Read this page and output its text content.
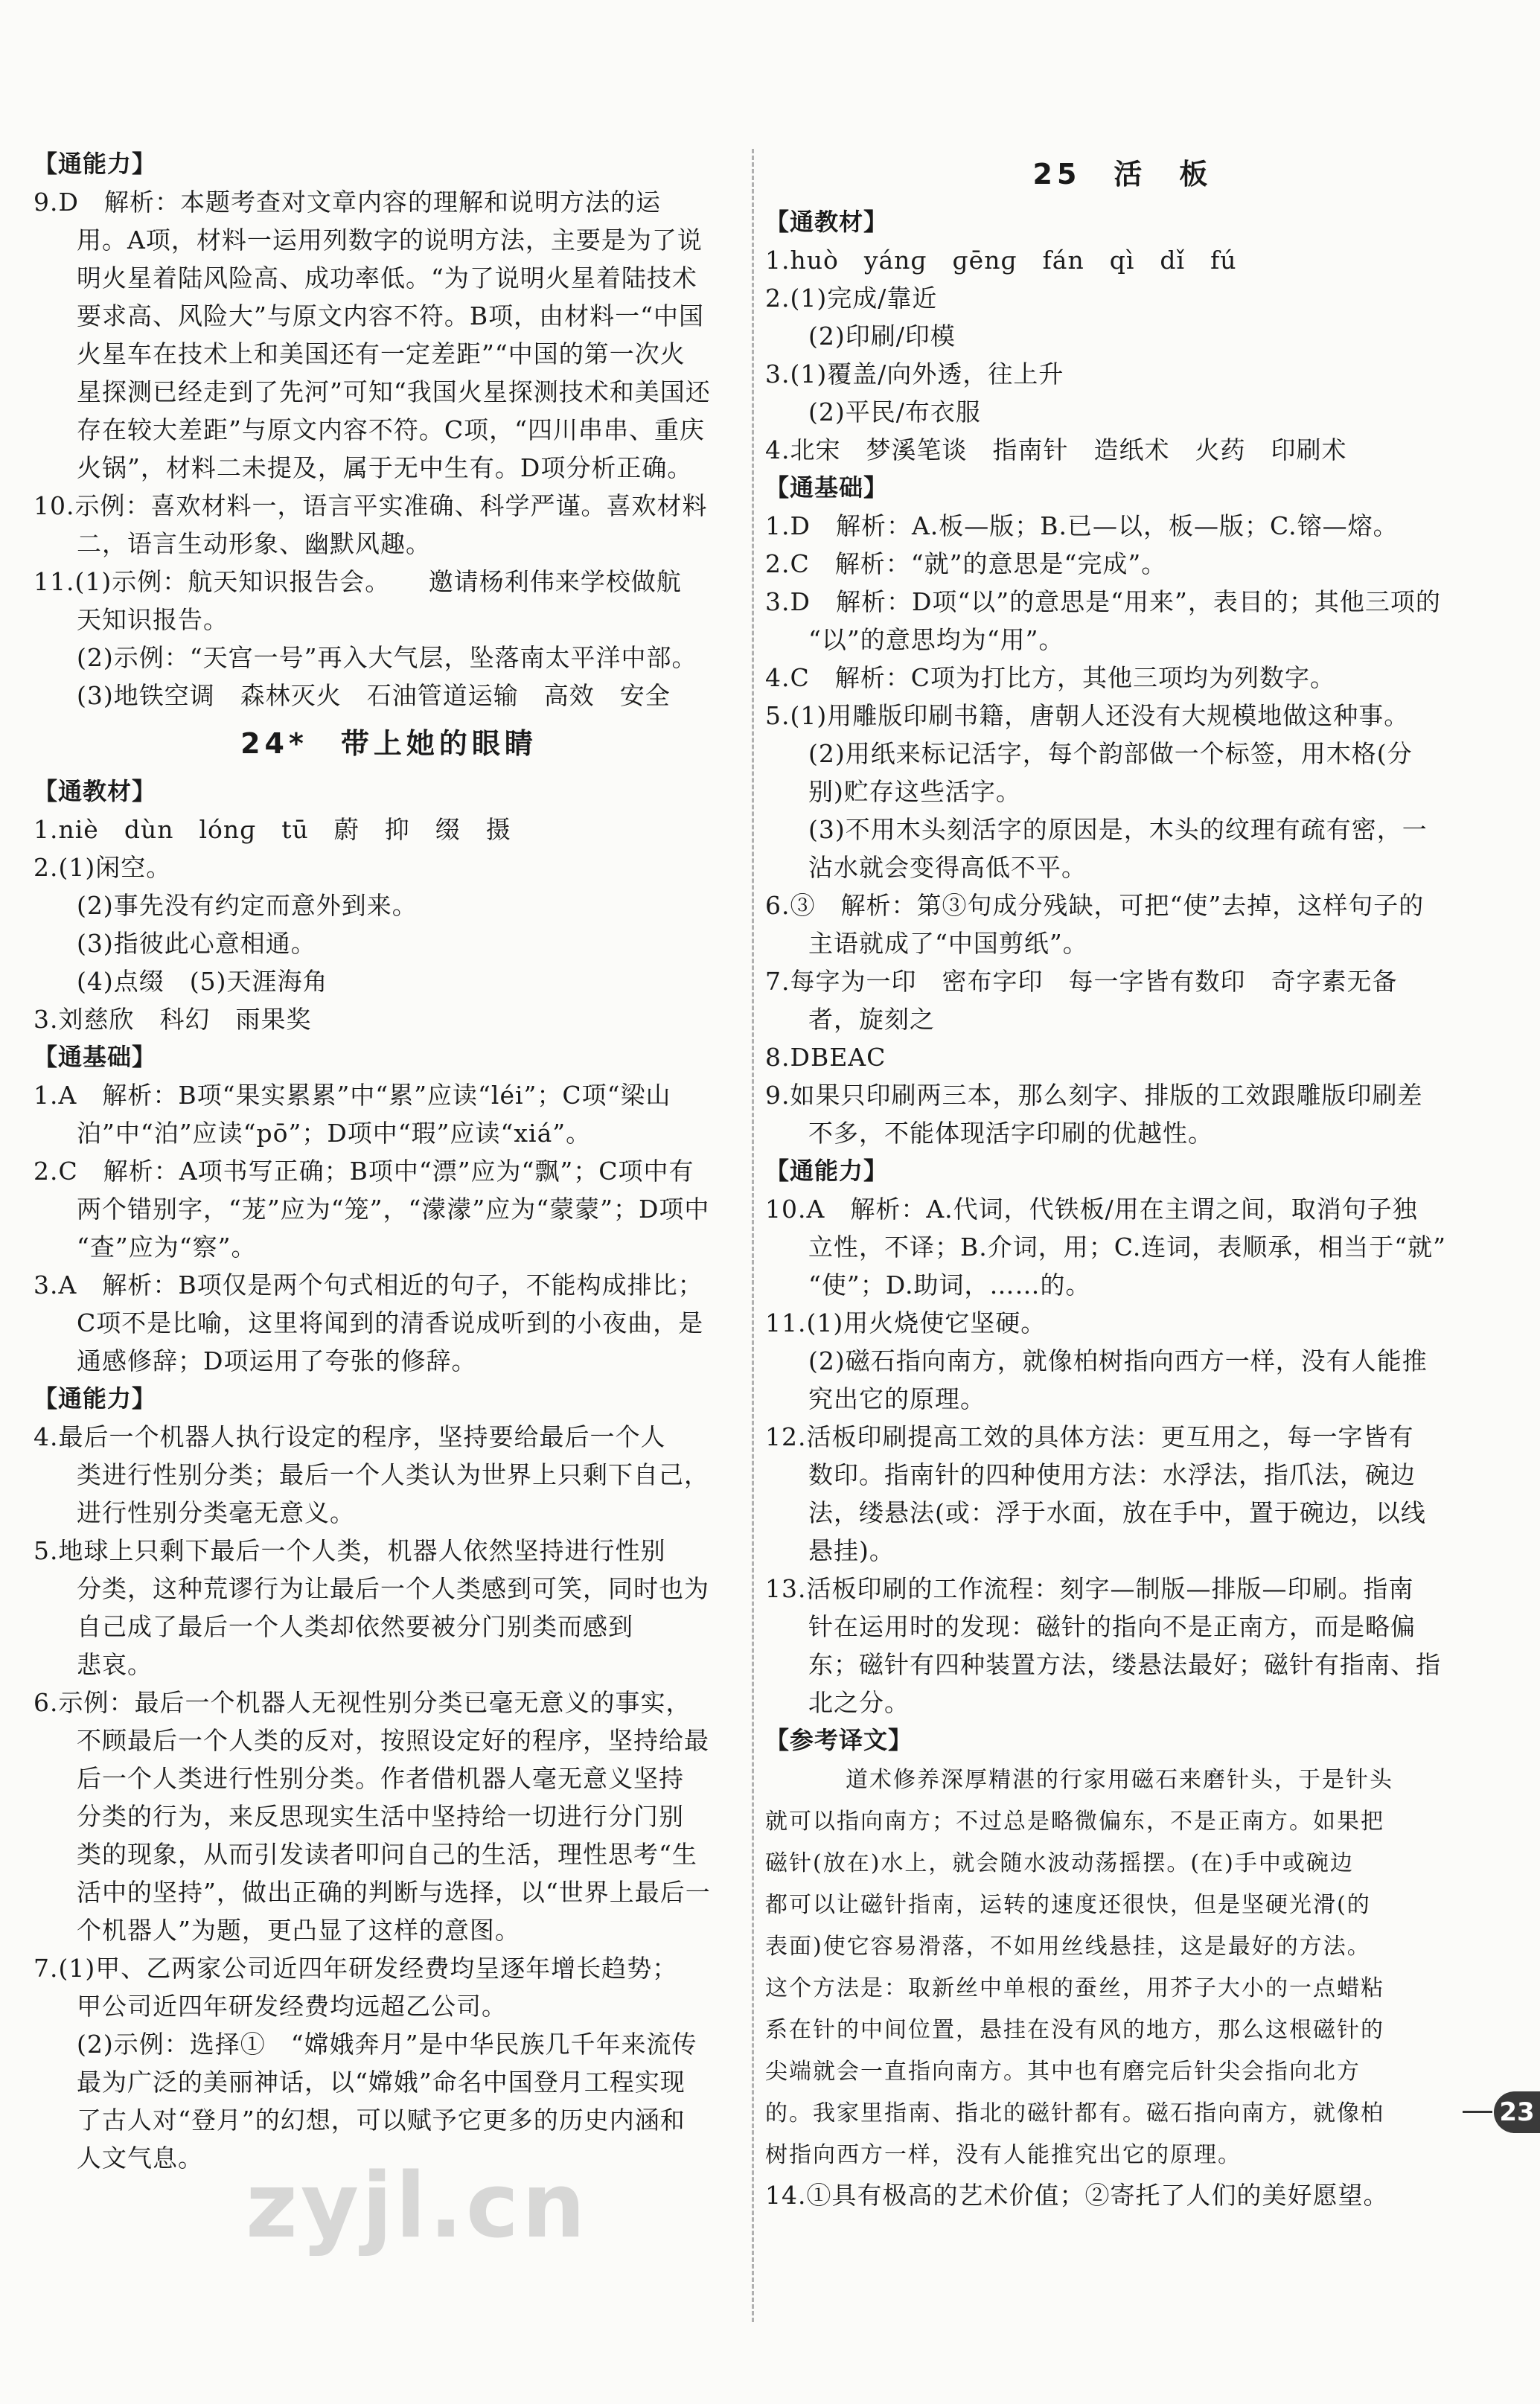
【通能力】
9.D　解析：本题考查对文章内容的理解和说明方法的运
用。A项，材料一运用列数字的说明方法，主要是为了说
明火星着陆风险高、成功率低。“为了说明火星着陆技术
要求高、风险大”与原文内容不符。B项，由材料一“中国
火星车在技术上和美国还有一定差距”“中国的第一次火
星探测已经走到了先河”可知“我国火星探测技术和美国还
存在较大差距”与原文内容不符。C项，“四川串串、重庆
火锅”，材料二未提及，属于无中生有。D项分析正确。
10.示例：喜欢材料一，语言平实准确、科学严谨。喜欢材料
二，语言生动形象、幽默风趣。
11.(1)示例：航天知识报告会。　　邀请杨利伟来学校做航
天知识报告。
(2)示例：“天宫一号”再入大气层，坠落南太平洋中部。
(3)地铁空调　森林灭火　石油管道运输　高效　安全
24*　带上她的眼睛
【通教材】
1.niè　dùn　lónɡ　tū　蔚　抑　缀　摄
2.(1)闲空。
(2)事先没有约定而意外到来。
(3)指彼此心意相通。
(4)点缀　(5)天涯海角
3.刘慈欣　科幻　雨果奖
【通基础】
1.A　解析：B项“果实累累”中“累”应读“léi”；C项“梁山
泊”中“泊”应读“pō”；D项中“瑕”应读“xiá”。
2.C　解析：A项书写正确；B项中“漂”应为“飘”；C项中有
两个错别字，“茏”应为“笼”，“濛濛”应为“蒙蒙”；D项中
“查”应为“察”。
3.A　解析：B项仅是两个句式相近的句子，不能构成排比；
C项不是比喻，这里将闻到的清香说成听到的小夜曲，是
通感修辞；D项运用了夸张的修辞。
【通能力】
4.最后一个机器人执行设定的程序，坚持要给最后一个人
类进行性别分类；最后一个人类认为世界上只剩下自己，
进行性别分类毫无意义。
5.地球上只剩下最后一个人类，机器人依然坚持进行性别
分类，这种荒谬行为让最后一个人类感到可笑，同时也为
自己成了最后一个人类却依然要被分门别类而感到
悲哀。
6.示例：最后一个机器人无视性别分类已毫无意义的事实，
不顾最后一个人类的反对，按照设定好的程序，坚持给最
后一个人类进行性别分类。作者借机器人毫无意义坚持
分类的行为，来反思现实生活中坚持给一切进行分门别
类的现象，从而引发读者叩问自己的生活，理性思考“生
活中的坚持”，做出正确的判断与选择，以“世界上最后一
个机器人”为题，更凸显了这样的意图。
7.(1)甲、乙两家公司近四年研发经费均呈逐年增长趋势；
甲公司近四年研发经费均远超乙公司。
(2)示例：选择①　“嫦娥奔月”是中华民族几千年来流传
最为广泛的美丽神话，以“嫦娥”命名中国登月工程实现
了古人对“登月”的幻想，可以赋予它更多的历史内涵和
人文气息。
25　活　板
【通教材】
1.huò　yánɡ　ɡēnɡ　fán　qì　dǐ　fú
2.(1)完成/靠近
(2)印刷/印模
3.(1)覆盖/向外透，往上升
(2)平民/布衣服
4.北宋　梦溪笔谈　指南针　造纸术　火药　印刷术
【通基础】
1.D　解析：A.板—版；B.已—以，板—版；C.镕—熔。
2.C　解析：“就”的意思是“完成”。
3.D　解析：D项“以”的意思是“用来”，表目的；其他三项的
“以”的意思均为“用”。
4.C　解析：C项为打比方，其他三项均为列数字。
5.(1)用雕版印刷书籍，唐朝人还没有大规模地做这种事。
(2)用纸来标记活字，每个韵部做一个标签，用木格(分
别)贮存这些活字。
(3)不用木头刻活字的原因是，木头的纹理有疏有密，一
沾水就会变得高低不平。
6.③　解析：第③句成分残缺，可把“使”去掉，这样句子的
主语就成了“中国剪纸”。
7.每字为一印　密布字印　每一字皆有数印　奇字素无备
者，旋刻之
8.DBEAC
9.如果只印刷两三本，那么刻字、排版的工效跟雕版印刷差
不多，不能体现活字印刷的优越性。
【通能力】
10.A　解析：A.代词，代铁板/用在主谓之间，取消句子独
立性，不译；B.介词，用；C.连词，表顺承，相当于“就”
“使”；D.助词，……的。
11.(1)用火烧使它坚硬。
(2)磁石指向南方，就像柏树指向西方一样，没有人能推
究出它的原理。
12.活板印刷提高工效的具体方法：更互用之，每一字皆有
数印。指南针的四种使用方法：水浮法，指爪法，碗边
法，缕悬法(或：浮于水面，放在手中，置于碗边，以线
悬挂)。
13.活板印刷的工作流程：刻字—制版—排版—印刷。指南
针在运用时的发现：磁针的指向不是正南方，而是略偏
东；磁针有四种装置方法，缕悬法最好；磁针有指南、指
北之分。
【参考译文】
　　道术修养深厚精湛的行家用磁石来磨针头，于是针头
就可以指向南方；不过总是略微偏东，不是正南方。如果把
磁针(放在)水上，就会随水波动荡摇摆。(在)手中或碗边
都可以让磁针指南，运转的速度还很快，但是坚硬光滑(的
表面)使它容易滑落，不如用丝线悬挂，这是最好的方法。
这个方法是：取新丝中单根的蚕丝，用芥子大小的一点蜡粘
系在针的中间位置，悬挂在没有风的地方，那么这根磁针的
尖端就会一直指向南方。其中也有磨完后针尖会指向北方
的。我家里指南、指北的磁针都有。磁石指向南方，就像柏
树指向西方一样，没有人能推究出它的原理。
14.①具有极高的艺术价值；②寄托了人们的美好愿望。
23
zyjl.cn
